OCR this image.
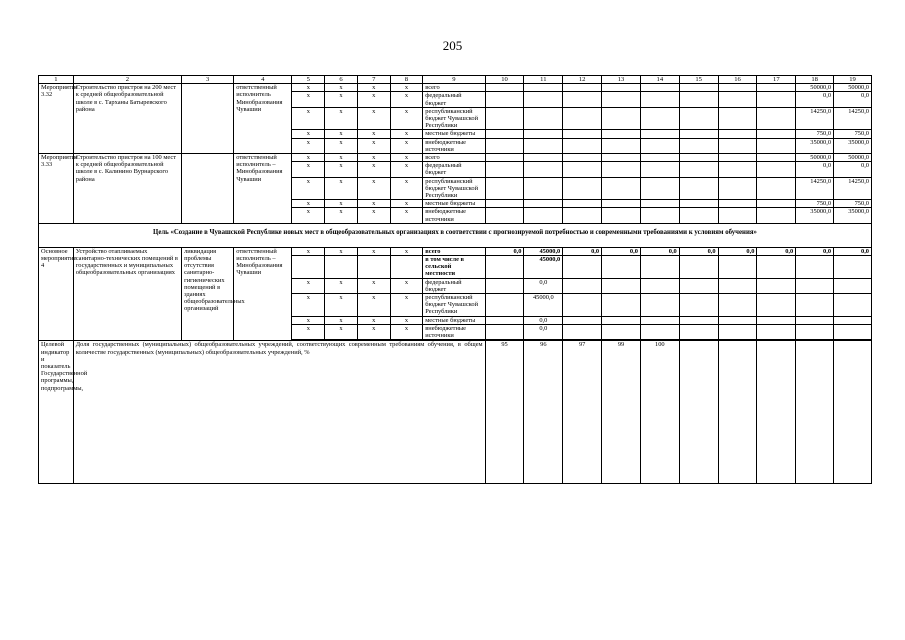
205
1	2	3	4	5	6	7	8	9	10	11	12	13	14	15	16	17	18	19
Мероприятие 3.32	Строительство пристроя на 200 мест к средней общеобразовательной школе в с. Тарханы Батыревского района		ответственный исполнитель Минобразования Чувашии	x	x	x	x	всего									50000,0	50000,0
				x	x	x	x	федеральный бюджет									0,0	0,0
				x	x	x	x	республиканский бюджет Чувашской Республики									14250,0	14250,0
				x	x	x	x	местные бюджеты									750,0	750,0
				x	x	x	x	внебюджетные источники									35000,0	35000,0
Мероприятие 3.33	Строительство пристроя на 100 мест к средней общеобразовательной школе в с. Калинино Вурнарского района		ответственный исполнитель – Минобразования Чувашии	x	x	x	x	всего									50000,0	50000,0
				x	x	x	x	федеральный бюджет									0,0	0,0
				x	x	x	x	республиканский бюджет Чувашской Республики									14250,0	14250,0
				x	x	x	x	местные бюджеты									750,0	750,0
				x	x	x	x	внебюджетные источники									35000,0	35000,0
Цель «Создание в Чувашской Республике новых мест в общеобразовательных организациях в соответствии с прогнозируемой потребностью и современными требованиями к условиям обучения»																		
Основное мероприятие 4	Устройство отапливаемых санитарно-технических помещений в государственных и муниципальных общеобразовательных организациях	ликвидация проблемы отсутствия санитарно-гигиенических помещений в зданиях общеобразовательных организаций	ответственный исполнитель – Минобразования Чувашии	x	x	x	x	всего	0,0	45000,0	0,0	0,0	0,0	0,0	0,0	0,0	0,0	0,0
								в том числе в сельской местности		45000,0								
				x	x	x	x	федеральный бюджет		0,0								
				x	x	x	x	республиканский бюджет Чувашской Республики		45000,0								
				x	x	x	x	местные бюджеты		0,0								
				x	x	x	x	внебюджетные источники		0,0								

Целевой индикатор и показатель Государственной программы, подпрограммы,	Доля государственных (муниципальных) общеобразовательных учреждений, соответствующих современным требованиям обучения, в общем количестве государственных (муниципальных) общеобразовательных учреждений, %								95	96	97	99	100					
